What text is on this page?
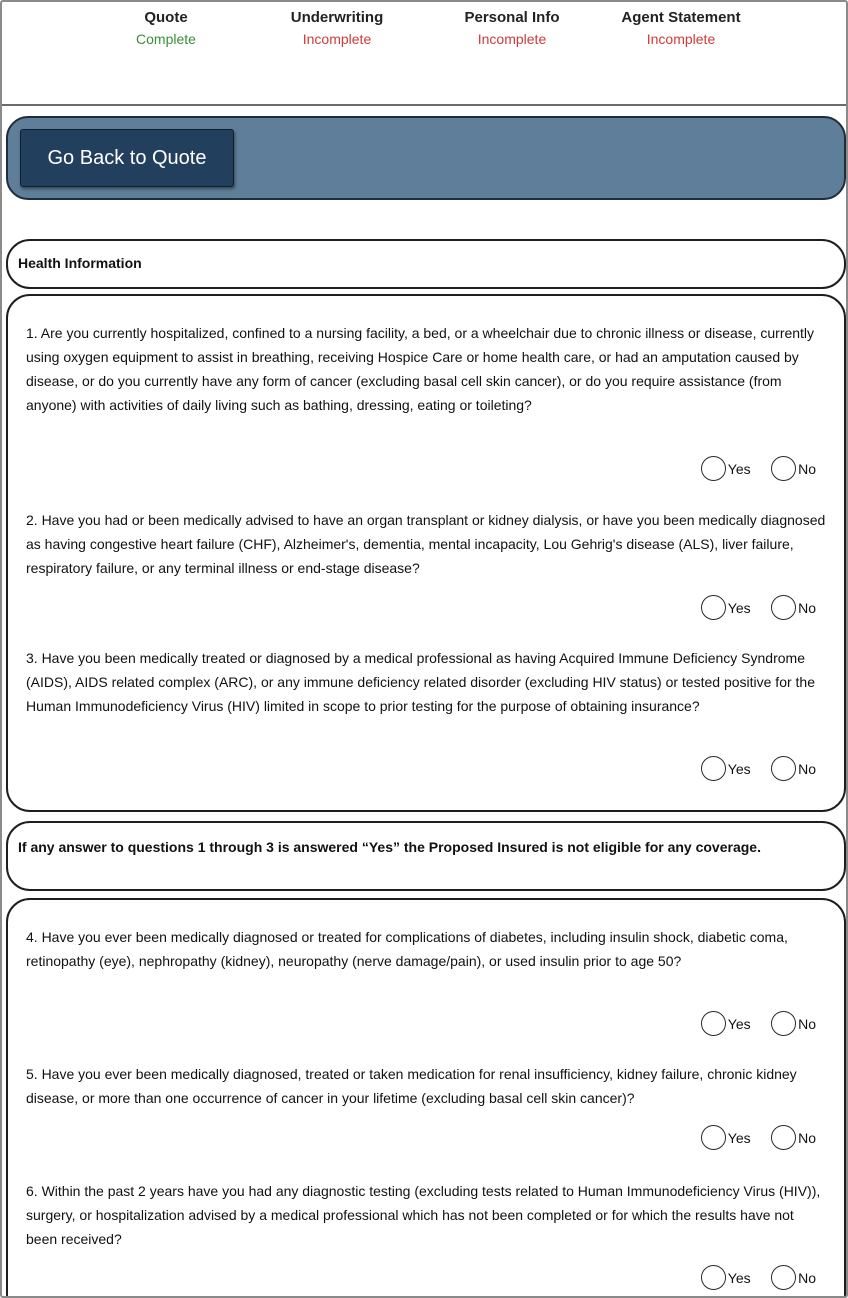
Quote
Complete
Underwriting
Incomplete
Personal Info
Incomplete
Agent Statement
Incomplete
Go Back to Quote
Health Information
1. Are you currently hospitalized, confined to a nursing facility, a bed, or a wheelchair due to chronic illness or disease, currently using oxygen equipment to assist in breathing, receiving Hospice Care or home health care, or had an amputation caused by disease, or do you currently have any form of cancer (excluding basal cell skin cancer), or do you require assistance (from anyone) with activities of daily living such as bathing, dressing, eating or toileting?
Yes	No
2. Have you had or been medically advised to have an organ transplant or kidney dialysis, or have you been medically diagnosed as having congestive heart failure (CHF), Alzheimer's, dementia, mental incapacity, Lou Gehrig's disease (ALS), liver failure, respiratory failure, or any terminal illness or end-stage disease?
Yes	No
3. Have you been medically treated or diagnosed by a medical professional as having Acquired Immune Deficiency Syndrome (AIDS), AIDS related complex (ARC), or any immune deficiency related disorder (excluding HIV status) or tested positive for the Human Immunodeficiency Virus (HIV) limited in scope to prior testing for the purpose of obtaining insurance?
Yes	No
If any answer to questions 1 through 3 is answered “Yes” the Proposed Insured is not eligible for any coverage.
4. Have you ever been medically diagnosed or treated for complications of diabetes, including insulin shock, diabetic coma, retinopathy (eye), nephropathy (kidney), neuropathy (nerve damage/pain), or used insulin prior to age 50?
Yes	No
5. Have you ever been medically diagnosed, treated or taken medication for renal insufficiency, kidney failure, chronic kidney disease, or more than one occurrence of cancer in your lifetime (excluding basal cell skin cancer)?
Yes	No
6. Within the past 2 years have you had any diagnostic testing (excluding tests related to Human Immunodeficiency Virus (HIV)), surgery, or hospitalization advised by a medical professional which has not been completed or for which the results have not been received?
Yes	No
